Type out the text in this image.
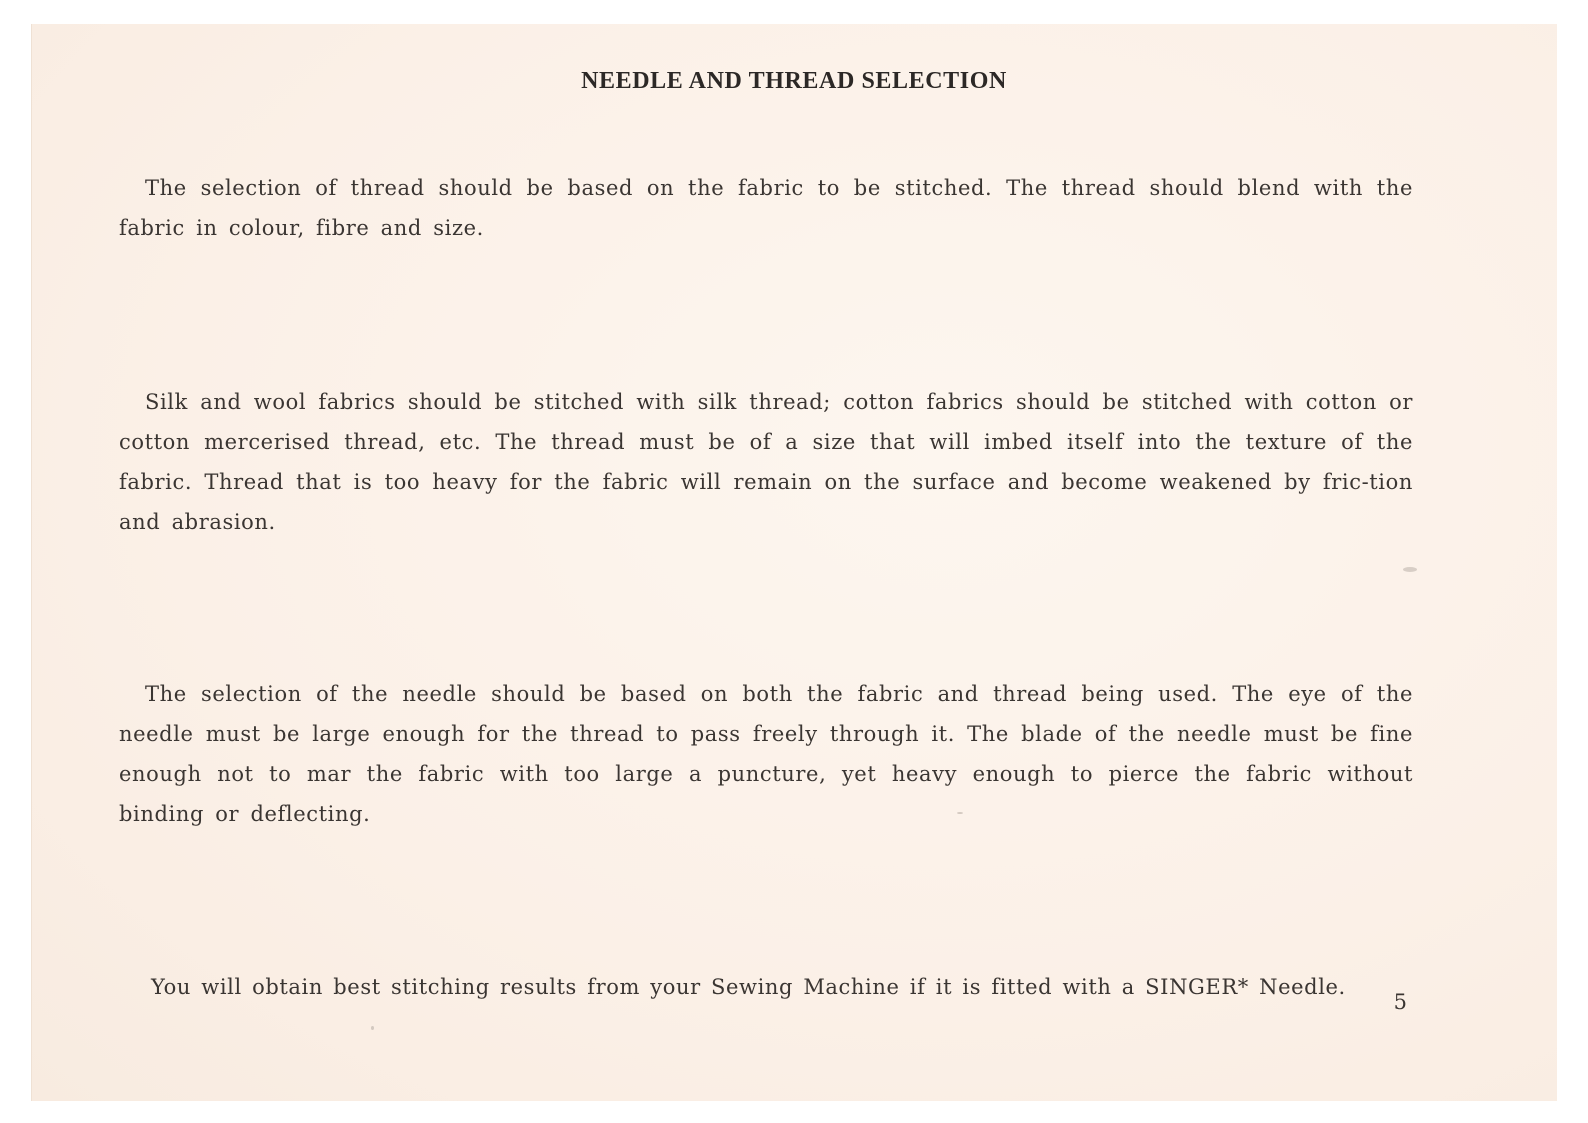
NEEDLE AND THREAD SELECTION

The selection of thread should be based on the fabric to be stitched. The thread should blend with the fabric in colour, fibre and size.

Silk and wool fabrics should be stitched with silk thread; cotton fabrics should be stitched with cotton or cotton mercerised thread, etc. The thread must be of a size that will imbed itself into the texture of the fabric. Thread that is too heavy for the fabric will remain on the surface and become weakened by fric-tion and abrasion.

The selection of the needle should be based on both the fabric and thread being used. The eye of the needle must be large enough for the thread to pass freely through it. The blade of the needle must be fine enough not to mar the fabric with too large a puncture, yet heavy enough to pierce the fabric without binding or deflecting.

You will obtain best stitching results from your Sewing Machine if it is fitted with a SINGER* Needle.

5
